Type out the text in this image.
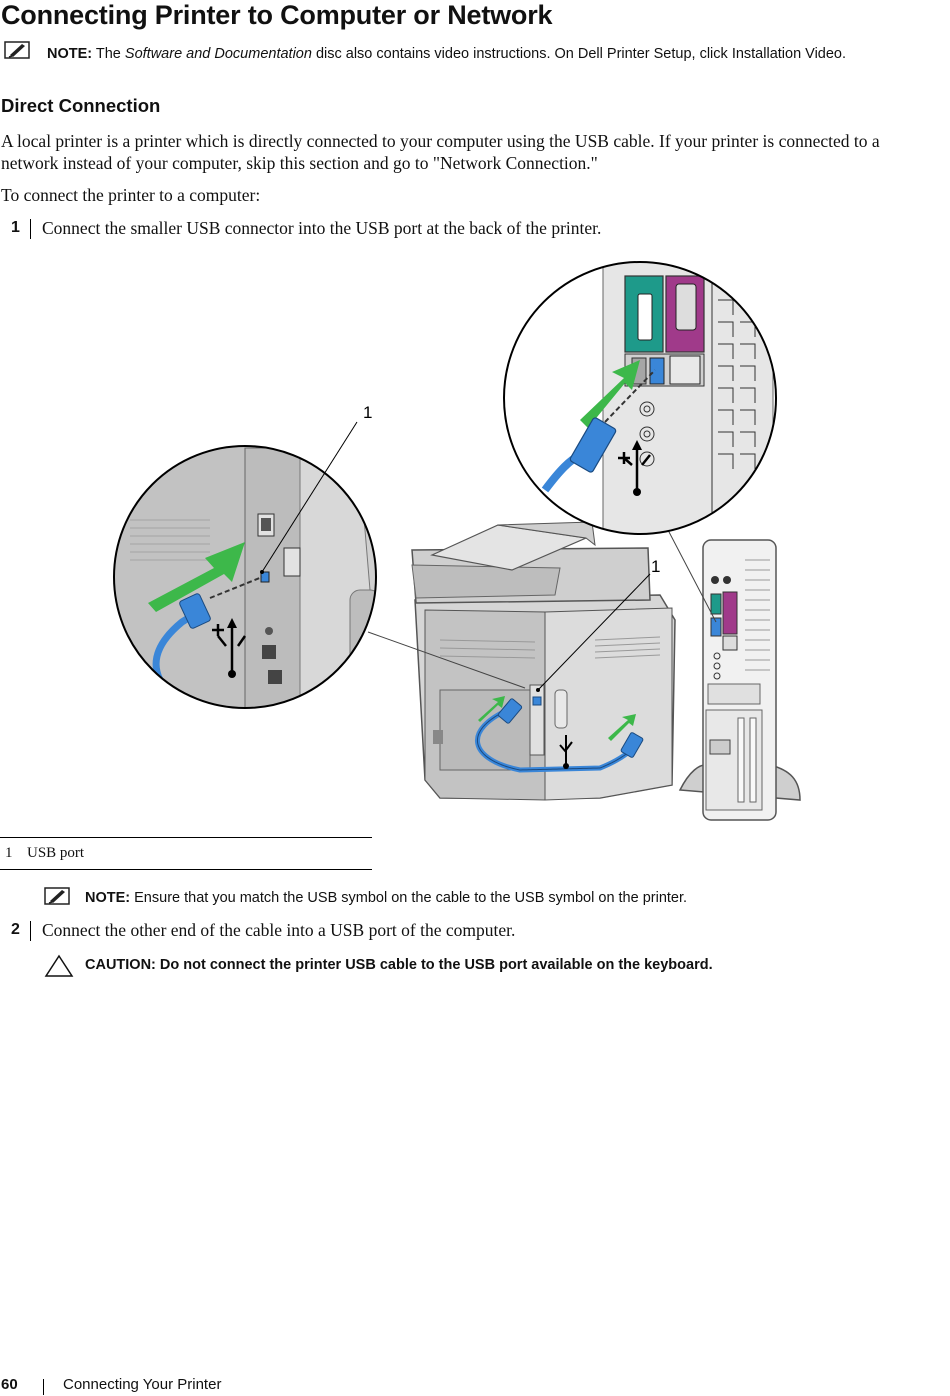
Connecting Printer to Computer or Network
NOTE: The Software and Documentation disc also contains video instructions. On Dell Printer Setup, click Installation Video.
Direct Connection
A local printer is a printer which is directly connected to your computer using the USB cable. If your printer is connected to a network instead of your computer, skip this section and go to "Network Connection."
To connect the printer to a computer:
1 Connect the smaller USB connector into the USB port at the back of the printer.
1
1
1 USB port
NOTE: Ensure that you match the USB symbol on the cable to the USB symbol on the printer.
2 Connect the other end of the cable into a USB port of the computer.
CAUTION: Do not connect the printer USB cable to the USB port available on the keyboard.
60	Connecting Your Printer
